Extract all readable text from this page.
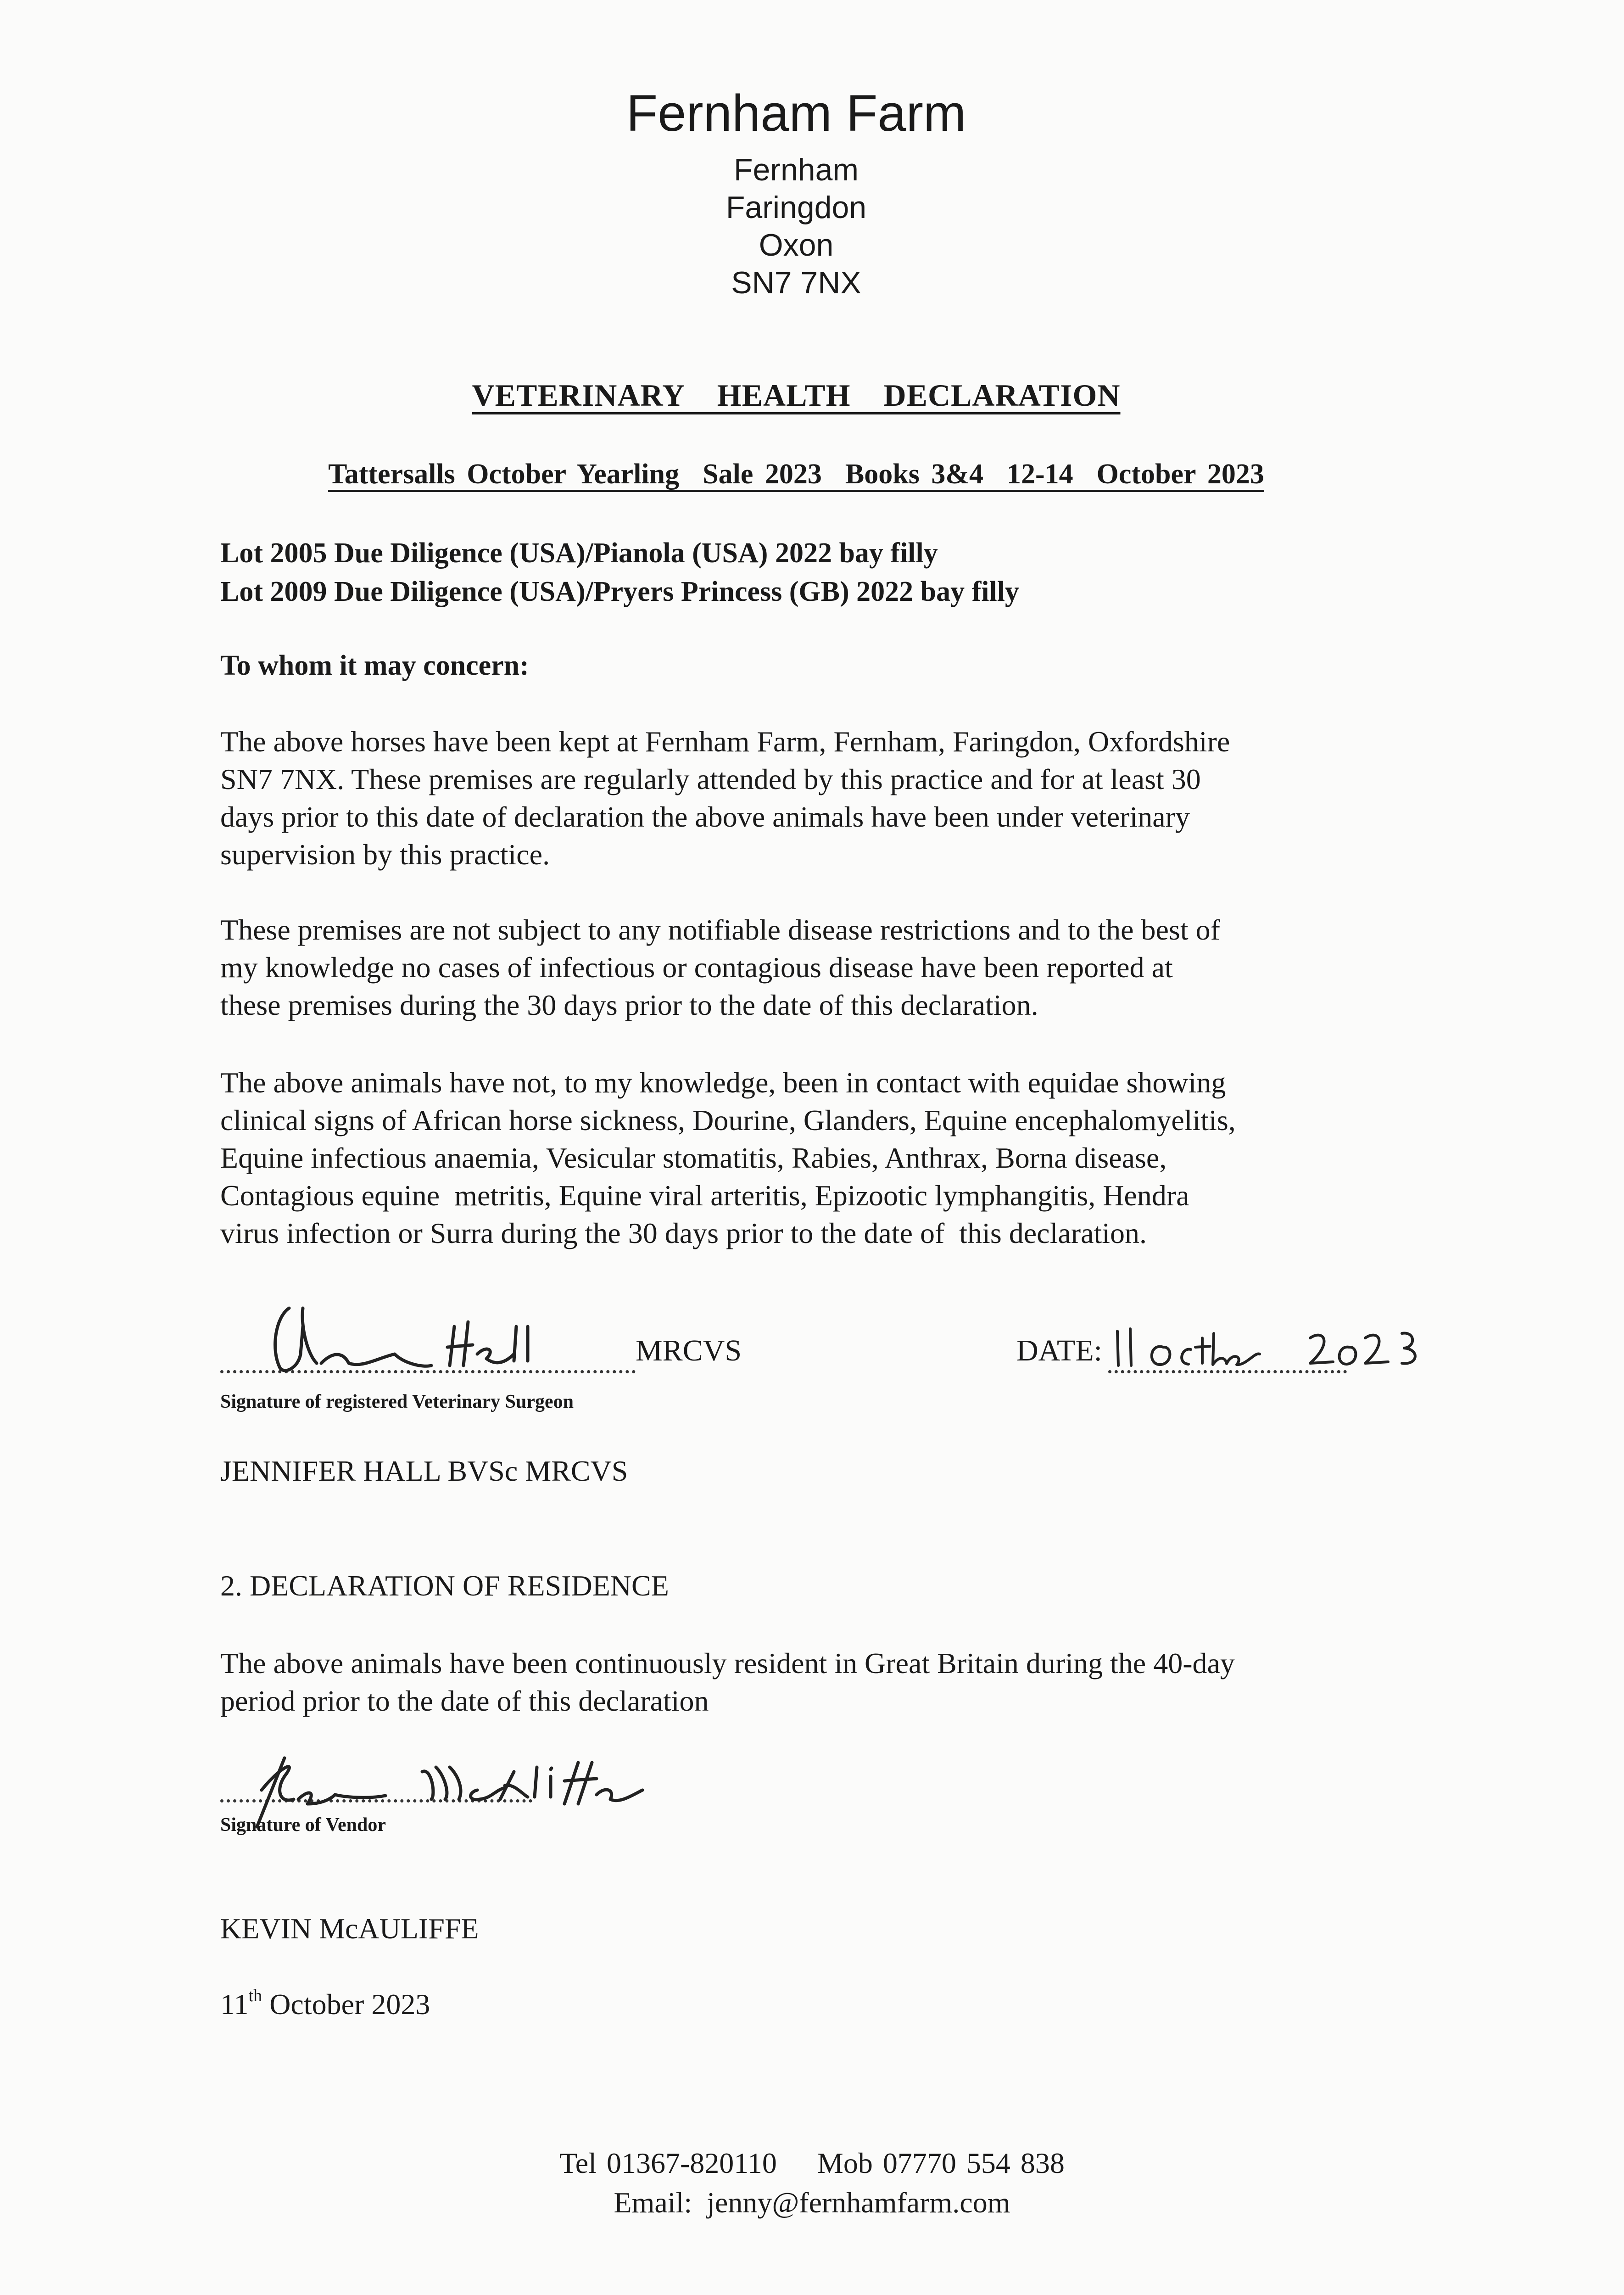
Fernham Farm
Fernham
Faringdon
Oxon
SN7 7NX
VETERINARY  HEALTH  DECLARATION
Tattersalls October Yearling  Sale 2023  Books 3&4  12-14  October 2023
Lot 2005 Due Diligence (USA)/Pianola (USA) 2022 bay filly
Lot 2009 Due Diligence (USA)/Pryers Princess (GB) 2022 bay filly
To whom it may concern:
The above horses have been kept at Fernham Farm, Fernham, Faringdon, Oxfordshire
SN7 7NX. These premises are regularly attended by this practice and for at least 30
days prior to this date of declaration the above animals have been under veterinary
supervision by this practice.
These premises are not subject to any notifiable disease restrictions and to the best of
my knowledge no cases of infectious or contagious disease have been reported at
these premises during the 30 days prior to the date of this declaration.
The above animals have not, to my knowledge, been in contact with equidae showing
clinical signs of African horse sickness, Dourine, Glanders, Equine encephalomyelitis,
Equine infectious anaemia, Vesicular stomatitis, Rabies, Anthrax, Borna disease,
Contagious equine  metritis, Equine viral arteritis, Epizootic lymphangitis, Hendra
virus infection or Surra during the 30 days prior to the date of  this declaration.
MRCVS	DATE:
Signature of registered Veterinary Surgeon
JENNIFER HALL BVSc MRCVS
2. DECLARATION OF RESIDENCE
The above animals have been continuously resident in Great Britain during the 40-day
period prior to the date of this declaration
Signature of Vendor
KEVIN McAULIFFE
11th October 2023
Tel 01367-820110    Mob 07770 554 838
Email:  jenny@fernhamfarm.com
